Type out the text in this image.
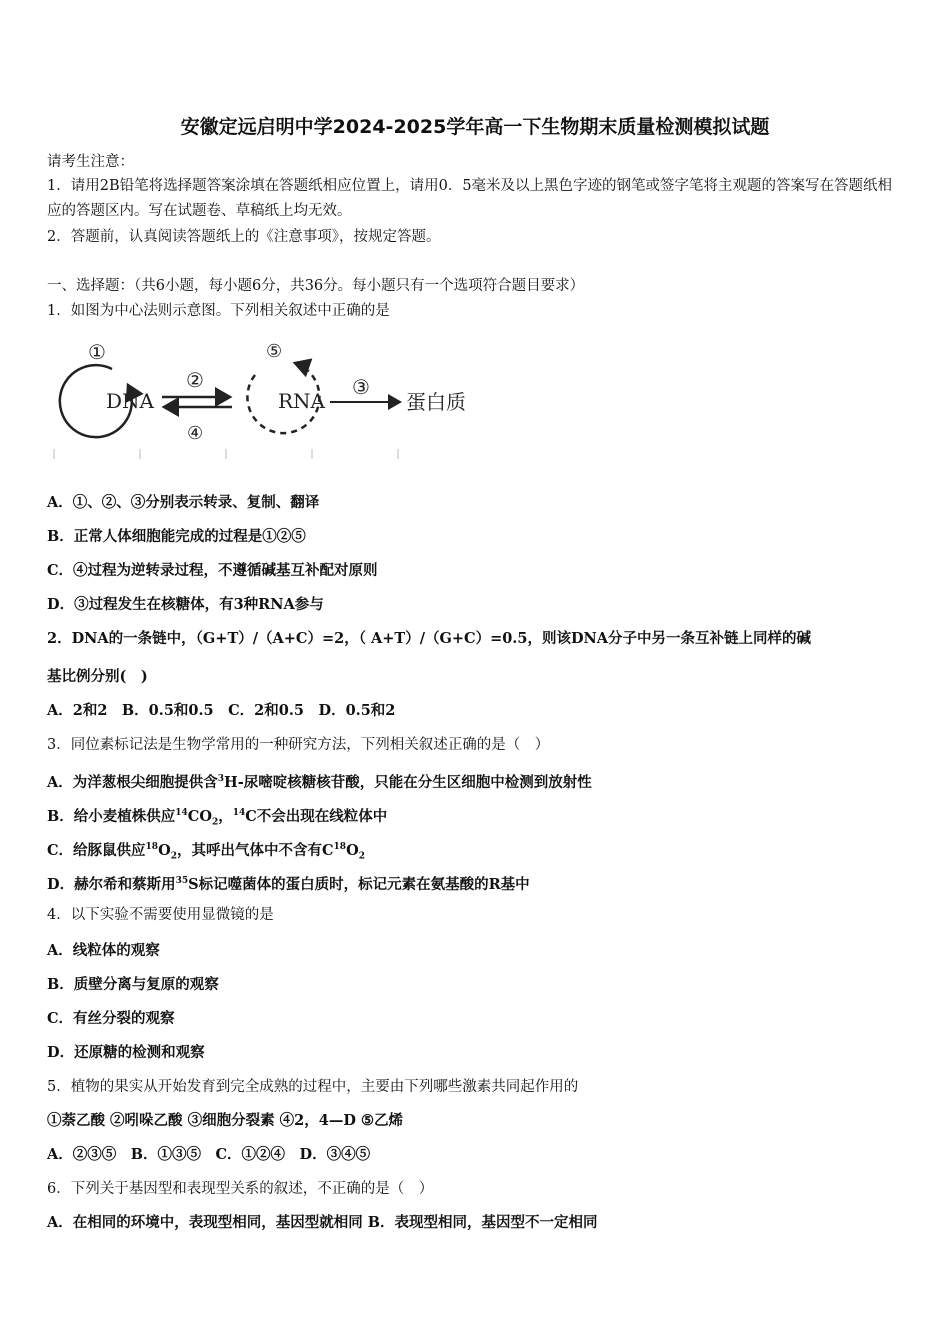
安徽定远启明中学2024-2025学年高一下生物期末质量检测模拟试题
请考生注意：
1．请用2B铅笔将选择题答案涂填在答题纸相应位置上，请用0．5毫米及以上黑色字迹的钢笔或签字笔将主观题的答案写在答题纸相应的答题区内。写在试题卷、草稿纸上均无效。
2．答题前，认真阅读答题纸上的《注意事项》，按规定答题。
一、选择题：（共6小题，每小题6分，共36分。每小题只有一个选项符合题目要求）
1．如图为中心法则示意图。下列相关叙述中正确的是
DNA	RNA	蛋白质
①
②
④
⑤
③
A．①、②、③分别表示转录、复制、翻译
B．正常人体细胞能完成的过程是①②⑤
C．④过程为逆转录过程，不遵循碱基互补配对原则
D．③过程发生在核糖体，有3种RNA参与
2．DNA的一条链中，（G+T）/（A+C）=2，（ A+T）/（G+C）=0.5，则该DNA分子中另一条互补链上同样的碱
基比例分别(　)
A．2和2　B．0.5和0.5　C．2和0.5　D．0.5和2
3．同位素标记法是生物学常用的一种研究方法，下列相关叙述正确的是（　）
A．为洋葱根尖细胞提供含$^3$H-尿嘧啶核糖核苷酸，只能在分生区细胞中检测到放射性
B．给小麦植株供应$^{14}CO_2$，$^{14}$C不会出现在线粒体中
C．给豚鼠供应$^{18}O_2$，其呼出气体中不含有$C^{18}O_2$
D．赫尔希和蔡斯用$^{35}$S标记噬菌体的蛋白质时，标记元素在氨基酸的R基中
4．以下实验不需要使用显微镜的是
A．线粒体的观察
B．质壁分离与复原的观察
C．有丝分裂的观察
D．还原糖的检测和观察
5．植物的果实从开始发育到完全成熟的过程中，主要由下列哪些激素共同起作用的
①萘乙酸 ②吲哚乙酸 ③细胞分裂素 ④2，4—D ⑤乙烯
A．②③⑤　B．①③⑤　C．①②④　D．③④⑤
6．下列关于基因型和表现型关系的叙述，不正确的是（　）
A．在相同的环境中，表现型相同，基因型就相同 B．表现型相同，基因型不一定相同
